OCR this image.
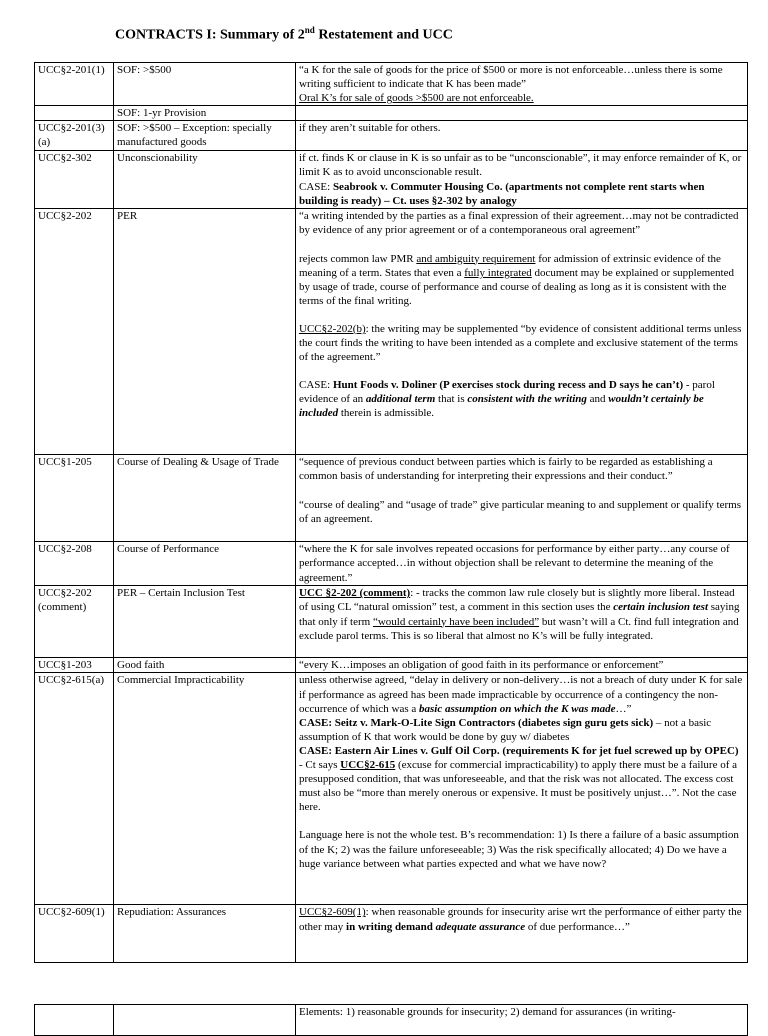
CONTRACTS I: Summary of 2nd Restatement and UCC
UCC§2-201(1)	SOF: >$500	“a K for the sale of goods for the price of $500 or more is not enforceable…unless there is some writing sufficient to indicate that K has been made”
Oral K’s for sale of goods >$500 are not enforceable.
	SOF: 1-yr Provision	
UCC§2-201(3)(a)	SOF: >$500 – Exception: specially manufactured goods	if they aren’t suitable for others.
UCC§2-302	Unconscionability	if ct. finds K or clause in K is so unfair as to be “unconscionable”, it may enforce remainder of K, or limit K as to avoid unconscionable result.
CASE: Seabrook v. Commuter Housing Co. (apartments not complete rent starts when building is ready) – Ct. uses §2-302 by analogy
UCC§2-202	PER	“a writing intended by the parties as a final expression of their agreement…may not be contradicted by evidence of any prior agreement or of a contemporaneous oral agreement”
rejects common law PMR and ambiguity requirement for admission of extrinsic evidence of the meaning of a term. States that even a fully integrated document may be explained or supplemented by usage of trade, course of performance and course of dealing as long as it is consistent with the terms of the final writing.
UCC§2-202(b): the writing may be supplemented “by evidence of consistent additional terms unless the court finds the writing to have been intended as a complete and exclusive statement of the terms of the agreement.”
CASE: Hunt Foods v. Doliner (P exercises stock during recess and D says he can’t) - parol evidence of an additional term that is consistent with the writing and wouldn’t certainly be included therein is admissible.

UCC§1-205	Course of Dealing & Usage of Trade	“sequence of previous conduct between parties which is fairly to be regarded as establishing a common basis of understanding for interpreting their expressions and their conduct.”
“course of dealing” and “usage of trade” give particular meaning to and supplement or qualify terms of an agreement.

UCC§2-208	Course of Performance	“where the K for sale involves repeated occasions for performance by either party…any course of performance accepted…in without objection shall be relevant to determine the meaning of the agreement.”
UCC§2-202 (comment)	PER – Certain Inclusion Test	UCC §2-202 (comment): - tracks the common law rule closely but is slightly more liberal. Instead of using CL “natural omission” test, a comment in this section uses the certain inclusion test saying that only if term “would certainly have been included” but wasn’t will a Ct. find full integration and exclude parol terms. This is so liberal that almost no K’s will be fully integrated.
UCC§1-203	Good faith	“every K…imposes an obligation of good faith in its performance or enforcement”
UCC§2-615(a)	Commercial Impracticability	unless otherwise agreed, “delay in delivery or non-delivery…is not a breach of duty under K for sale if performance as agreed has been made impracticable by occurrence of a contingency the non-occurrence of which was a basic assumption on which the K was made…”
CASE: Seitz v. Mark-O-Lite Sign Contractors (diabetes sign guru gets sick) – not a basic assumption of K that work would be done by guy w/ diabetes
CASE: Eastern Air Lines v. Gulf Oil Corp. (requirements K for jet fuel screwed up by OPEC) - Ct says UCC§2-615 (excuse for commercial impracticability) to apply there must be a failure of a presupposed condition, that was unforeseeable, and that the risk was not allocated. The excess cost must also be “more than merely onerous or expensive. It must be positively unjust…”. Not the case here.
Language here is not the whole test. B’s recommendation: 1) Is there a failure of a basic assumption of the K; 2) was the failure unforeseeable; 3) Was the risk specifically allocated; 4) Do we have a huge variance between what parties expected and what we have now?

UCC§2-609(1)	Repudiation: Assurances	UCC§2-609(1): when reasonable grounds for insecurity arise wrt the performance of either party the other may in writing demand adequate assurance of due performance…”
		Elements: 1) reasonable grounds for insecurity; 2) demand for assurances (in writing-
